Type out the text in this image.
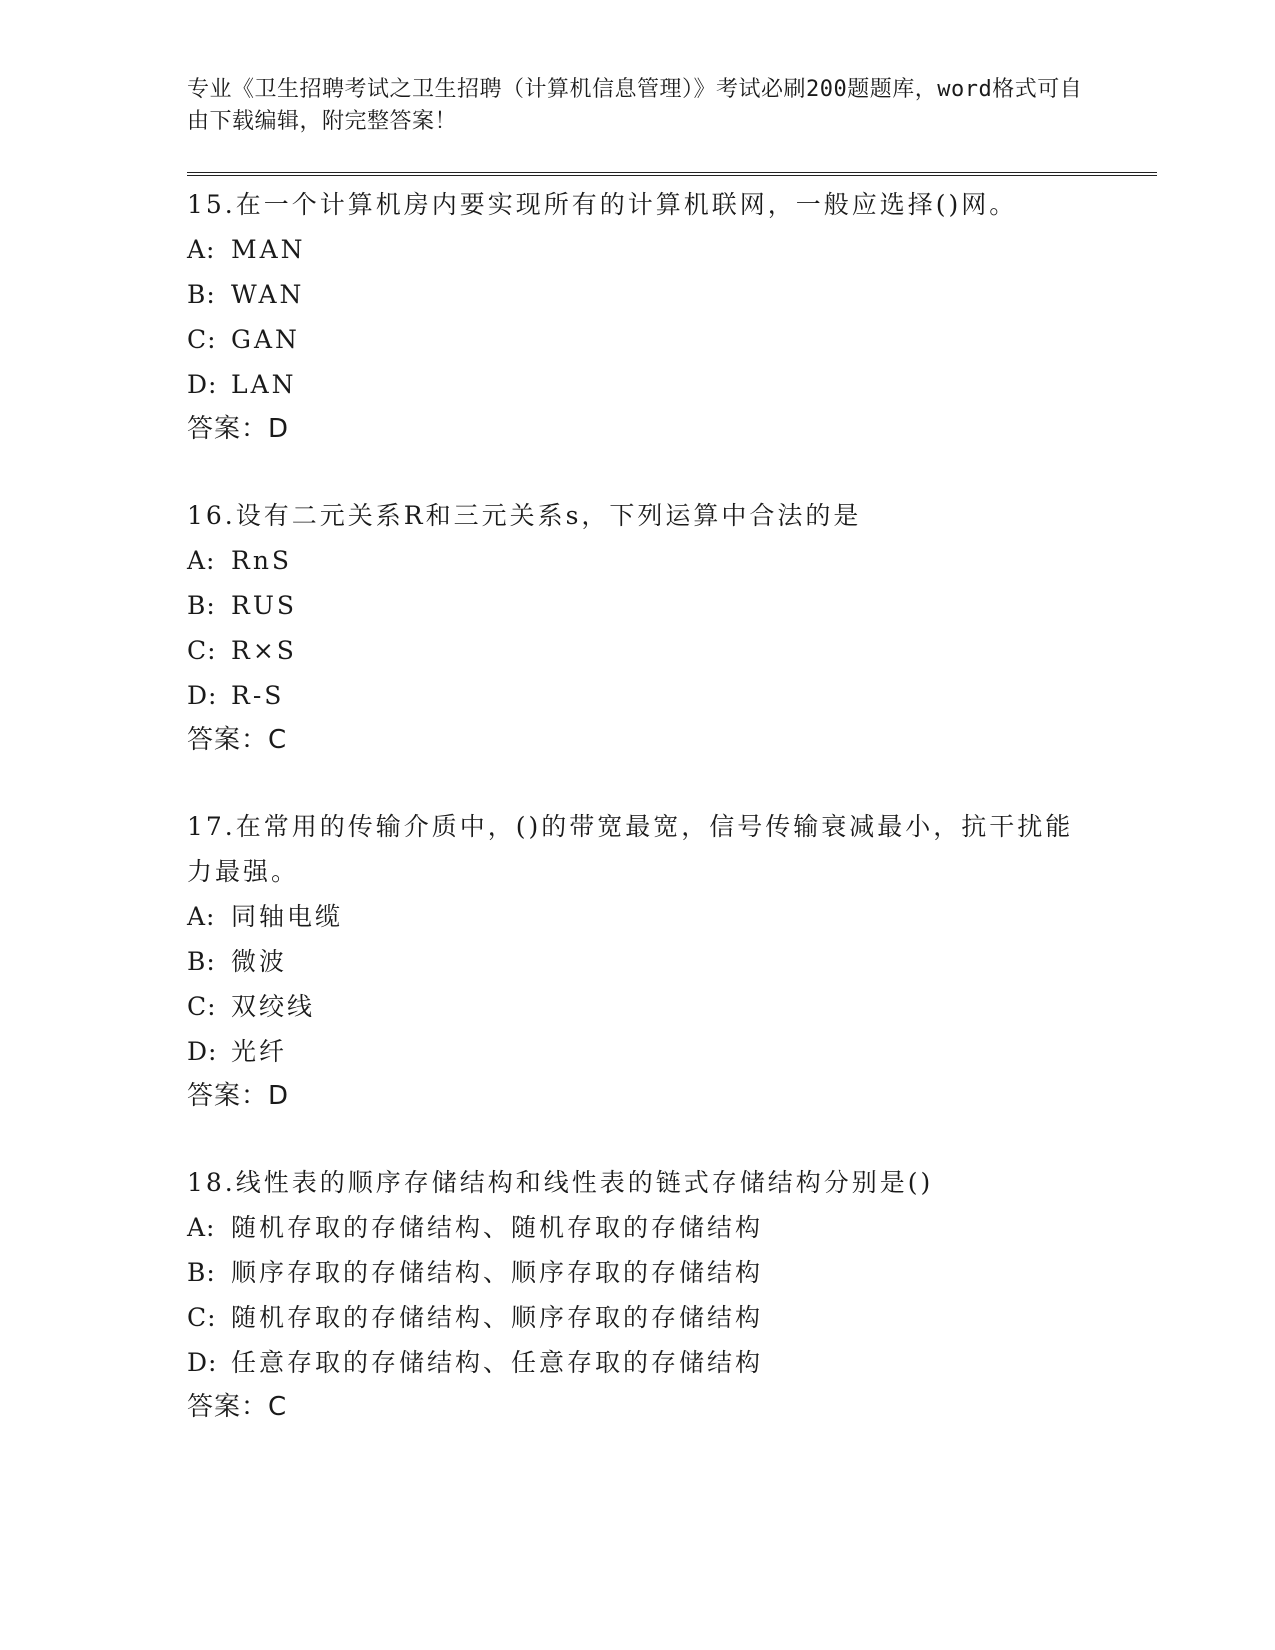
专业《卫生招聘考试之卫生招聘（计算机信息管理）》考试必刷200题题库，word格式可自由下载编辑，附完整答案！

15.在一个计算机房内要实现所有的计算机联网，一般应选择()网。
A: MAN
B: WAN
C: GAN
D: LAN
答案：D
16.设有二元关系R和三元关系s，下列运算中合法的是
A: RnS
B: RUS
C: R×S
D: R-S
答案：C
17.在常用的传输介质中，()的带宽最宽，信号传输衰减最小，抗干扰能力最强。
A: 同轴电缆
B: 微波
C: 双绞线
D: 光纤
答案：D
18.线性表的顺序存储结构和线性表的链式存储结构分别是()
A: 随机存取的存储结构、随机存取的存储结构
B: 顺序存取的存储结构、顺序存取的存储结构
C: 随机存取的存储结构、顺序存取的存储结构
D: 任意存取的存储结构、任意存取的存储结构
答案：C
